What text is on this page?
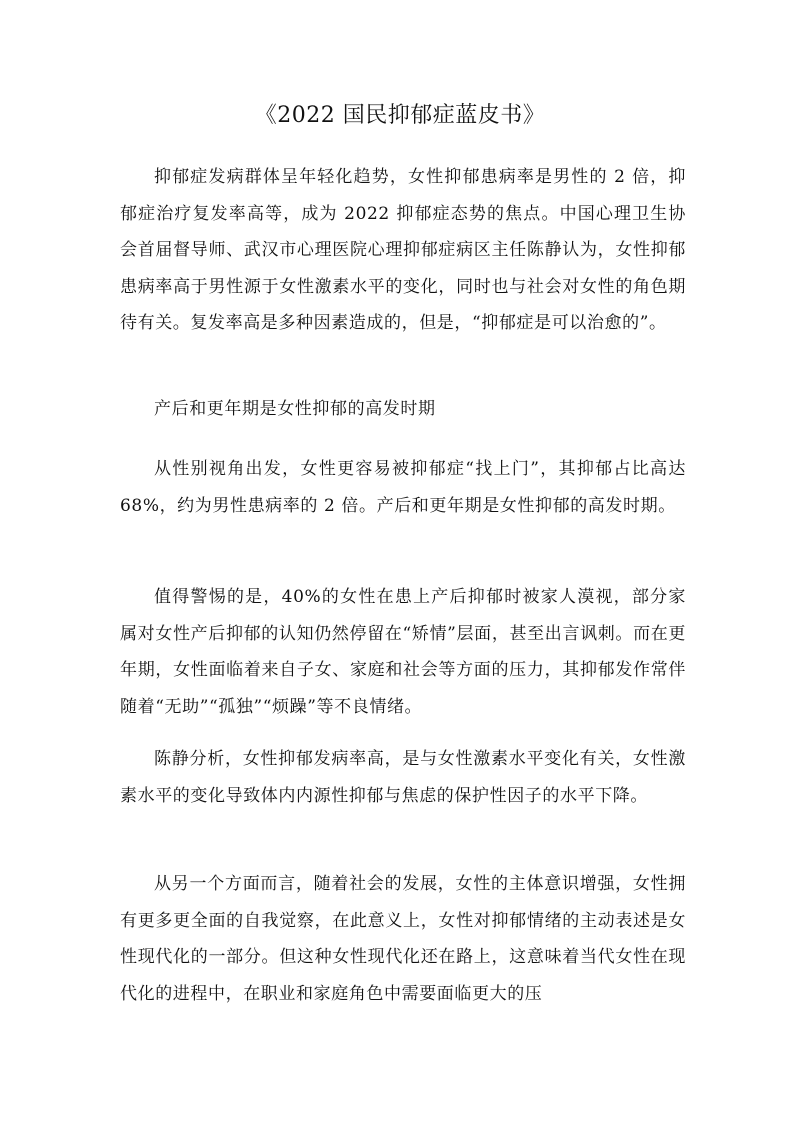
《2022 国民抑郁症蓝皮书》

抑郁症发病群体呈年轻化趋势，女性抑郁患病率是男性的 2 倍，抑郁症治疗复发率高等，成为 2022 抑郁症态势的焦点。中国心理卫生协会首届督导师、武汉市心理医院心理抑郁症病区主任陈静认为，女性抑郁患病率高于男性源于女性激素水平的变化，同时也与社会对女性的角色期待有关。复发率高是多种因素造成的，但是，“抑郁症是可以治愈的”。

产后和更年期是女性抑郁的高发时期

从性别视角出发，女性更容易被抑郁症“找上门”，其抑郁占比高达 68%，约为男性患病率的 2 倍。产后和更年期是女性抑郁的高发时期。

值得警惕的是，40%的女性在患上产后抑郁时被家人漠视，部分家属对女性产后抑郁的认知仍然停留在“矫情”层面，甚至出言讽刺。而在更年期，女性面临着来自子女、家庭和社会等方面的压力，其抑郁发作常伴随着“无助”“孤独”“烦躁”等不良情绪。

陈静分析，女性抑郁发病率高，是与女性激素水平变化有关，女性激素水平的变化导致体内内源性抑郁与焦虑的保护性因子的水平下降。

从另一个方面而言，随着社会的发展，女性的主体意识增强，女性拥有更多更全面的自我觉察，在此意义上，女性对抑郁情绪的主动表述是女性现代化的一部分。但这种女性现代化还在路上，这意味着当代女性在现代化的进程中，在职业和家庭角色中需要面临更大的压
